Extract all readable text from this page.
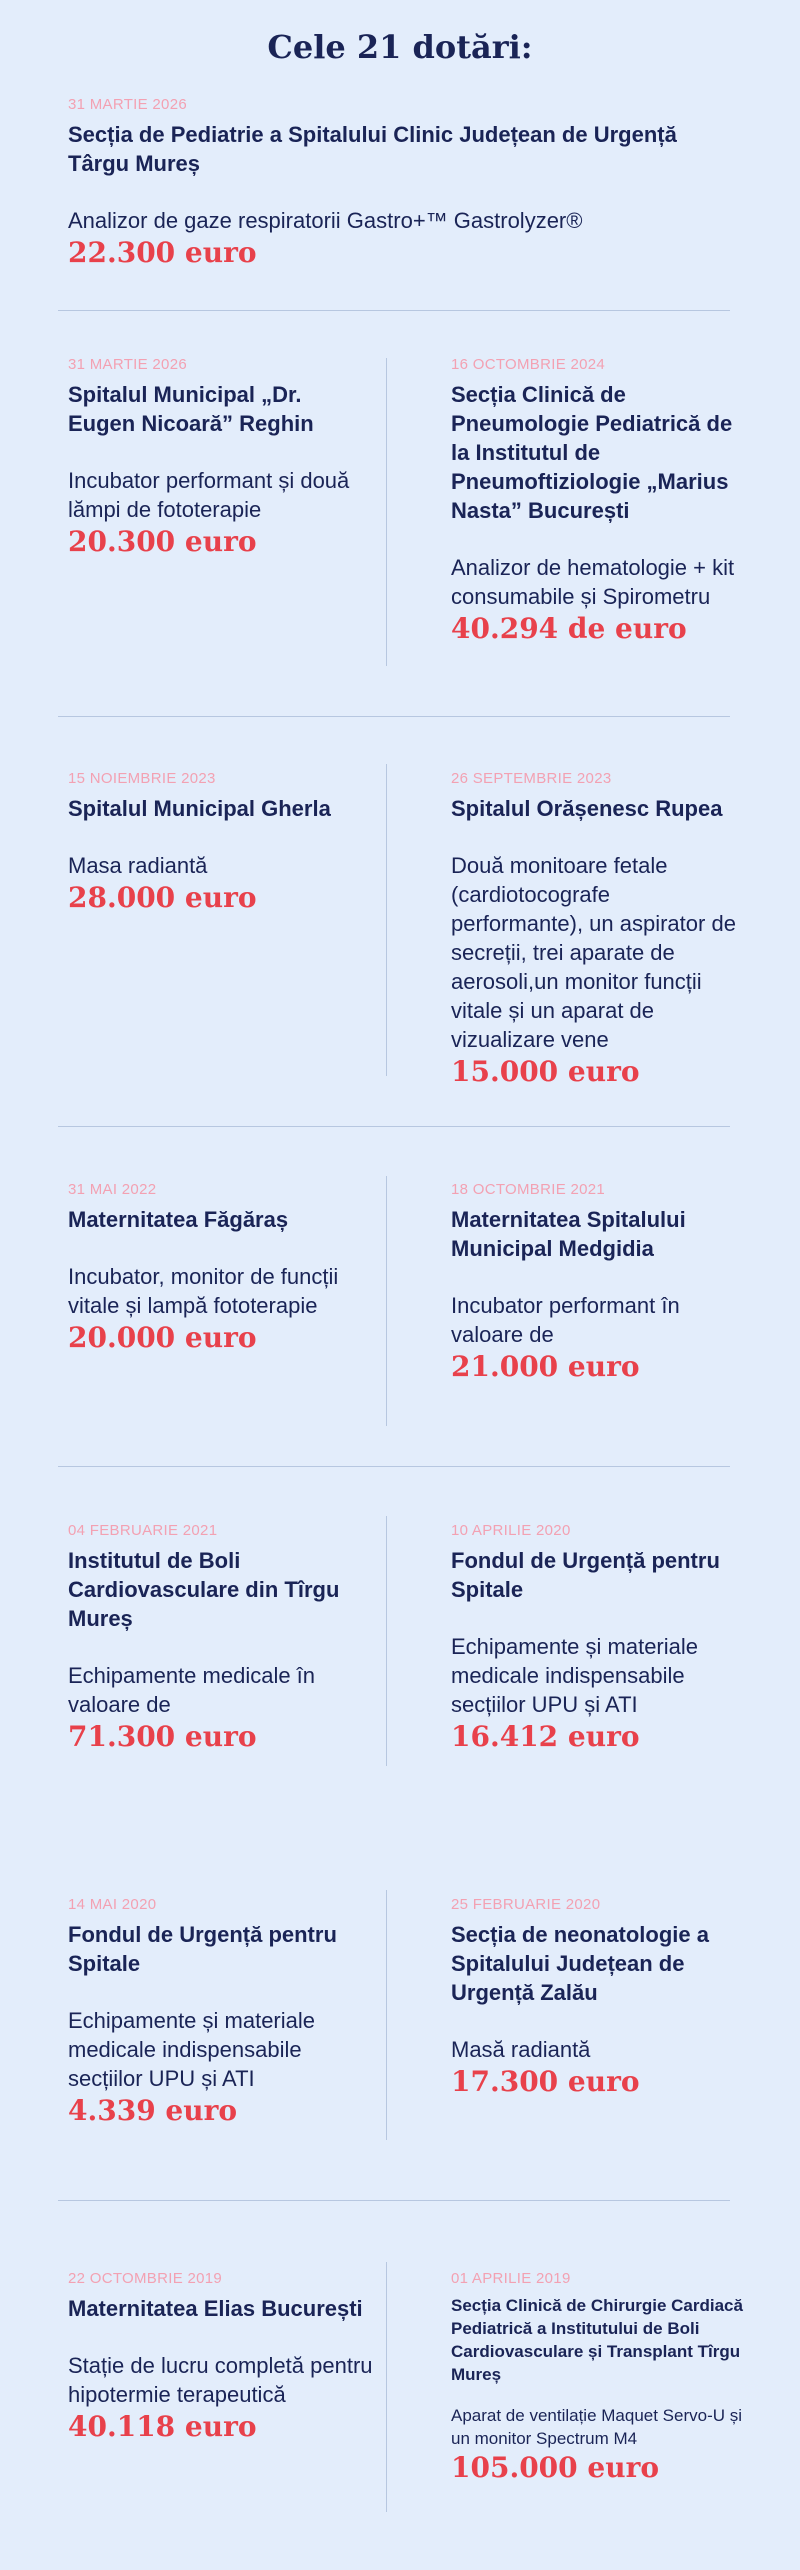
Cele 21 dotări:

31 MARTIE 2026

Secția de Pediatrie a Spitalului Clinic Județean de Urgență Târgu Mureș

Analizor de gaze respiratorii Gastro+™ Gastrolyzer®

22.300 euro

31 MARTIE 2026

Spitalul Municipal „Dr. Eugen Nicoară” Reghin

Incubator performant și două lămpi de fototerapie

20.300 euro

16 OCTOMBRIE 2024

Secția Clinică de Pneumologie Pediatrică de la Institutul de Pneumoftiziologie „Marius Nasta” București

Analizor de hematologie + kit consumabile și Spirometru

40.294 de euro

15 NOIEMBRIE 2023

Spitalul Municipal Gherla

Masa radiantă

28.000 euro

26 SEPTEMBRIE 2023

Spitalul Orășenesc Rupea

Două monitoare fetale (cardiotocografe performante), un aspirator de secreții, trei aparate de aerosoli,un monitor funcții vitale și un aparat de vizualizare vene

15.000 euro

31 MAI 2022

Maternitatea Făgăraș

Incubator, monitor de funcții vitale și lampă fototerapie

20.000 euro

18 OCTOMBRIE 2021

Maternitatea Spitalului Municipal Medgidia

Incubator performant în valoare de

21.000 euro

04 FEBRUARIE 2021

Institutul de Boli Cardiovasculare din Tîrgu Mureș

Echipamente medicale în valoare de

71.300 euro

10 APRILIE 2020

Fondul de Urgență pentru Spitale

Echipamente și materiale medicale indispensabile secțiilor UPU și ATI

16.412 euro

14 MAI 2020

Fondul de Urgență pentru Spitale

Echipamente și materiale medicale indispensabile secțiilor UPU și ATI

4.339 euro

25 FEBRUARIE 2020

Secția de neonatologie a Spitalului Județean de Urgență Zalău

Masă radiantă

17.300 euro

22 OCTOMBRIE 2019

Maternitatea Elias București

Stație de lucru completă pentru hipotermie terapeutică

40.118 euro

01 APRILIE 2019

Secția Clinică de Chirurgie Cardiacă Pediatrică a Institutului de Boli Cardiovasculare și Transplant Tîrgu Mureș

Aparat de ventilație Maquet Servo-U și un monitor Spectrum M4

105.000 euro
